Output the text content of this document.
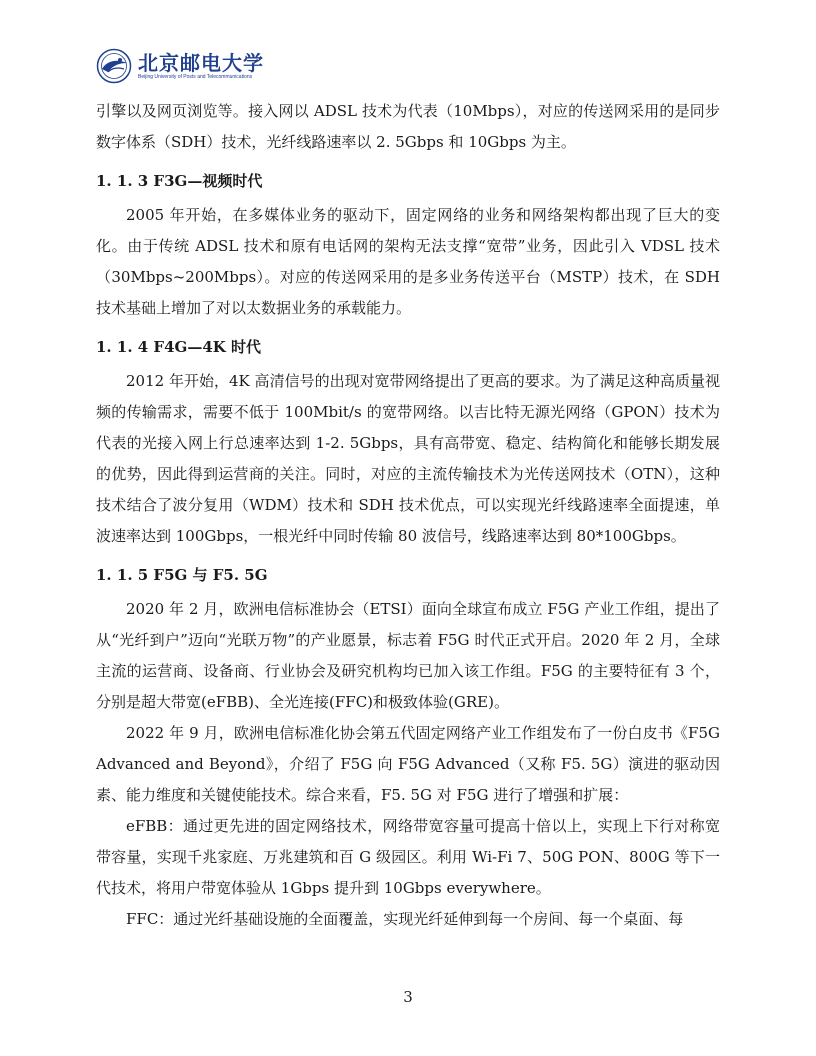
北京邮电大学
Beijing University of Posts and Telecommunications

引擎以及网页浏览等。接入网以 ADSL 技术为代表（10Mbps），对应的传送网采用的是同步数字体系（SDH）技术，光纤线路速率以 2. 5Gbps 和 10Gbps 为主。

1. 1. 3 F3G—视频时代

2005 年开始，在多媒体业务的驱动下，固定网络的业务和网络架构都出现了巨大的变化。由于传统 ADSL 技术和原有电话网的架构无法支撑“宽带”业务，因此引入 VDSL 技术（30Mbps~200Mbps）。对应的传送网采用的是多业务传送平台（MSTP）技术，在 SDH 技术基础上增加了对以太数据业务的承载能力。

1. 1. 4 F4G—4K 时代

2012 年开始，4K 高清信号的出现对宽带网络提出了更高的要求。为了满足这种高质量视频的传输需求，需要不低于 100Mbit/s 的宽带网络。以吉比特无源光网络（GPON）技术为代表的光接入网上行总速率达到 1-2. 5Gbps，具有高带宽、稳定、结构简化和能够长期发展的优势，因此得到运营商的关注。同时，对应的主流传输技术为光传送网技术（OTN），这种技术结合了波分复用（WDM）技术和 SDH 技术优点，可以实现光纤线路速率全面提速，单波速率达到 100Gbps，一根光纤中同时传输 80 波信号，线路速率达到 80*100Gbps。

1. 1. 5 F5G 与 F5. 5G

2020 年 2 月，欧洲电信标准协会（ETSI）面向全球宣布成立 F5G 产业工作组，提出了从“光纤到户”迈向“光联万物”的产业愿景，标志着 F5G 时代正式开启。2020 年 2 月，全球主流的运营商、设备商、行业协会及研究机构均已加入该工作组。F5G 的主要特征有 3 个，分别是超大带宽(eFBB)、全光连接(FFC)和极致体验(GRE)。

2022 年 9 月，欧洲电信标准化协会第五代固定网络产业工作组发布了一份白皮书《F5G Advanced and Beyond》，介绍了 F5G 向 F5G Advanced（又称 F5. 5G）演进的驱动因素、能力维度和关键使能技术。综合来看，F5. 5G 对 F5G 进行了增强和扩展：

eFBB：通过更先进的固定网络技术，网络带宽容量可提高十倍以上，实现上下行对称宽带容量，实现千兆家庭、万兆建筑和百 G 级园区。利用 Wi-Fi 7、50G PON、800G 等下一代技术，将用户带宽体验从 1Gbps 提升到 10Gbps everywhere。

FFC：通过光纤基础设施的全面覆盖，实现光纤延伸到每一个房间、每一个桌面、每

3
